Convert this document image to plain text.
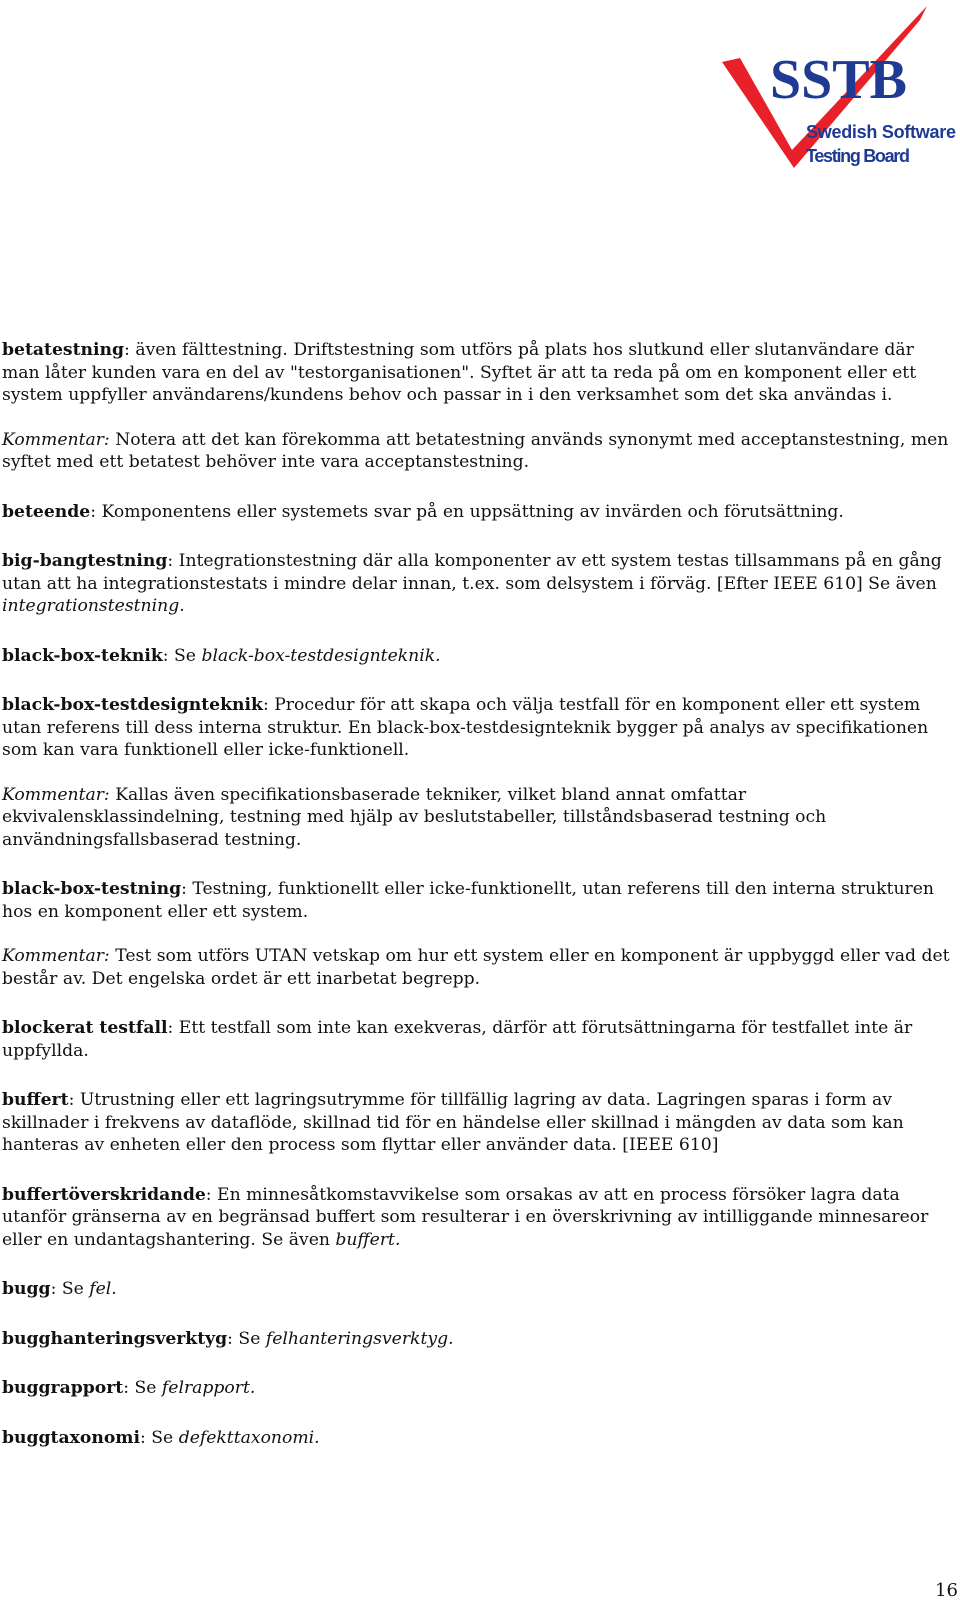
SSTB
Swedish Software
Testing Board

betatestning: även fälttestning. Driftstestning som utförs på plats hos slutkund eller slutanvändare där man låter kunden vara en del av "testorganisationen". Syftet är att ta reda på om en komponent eller ett system uppfyller användarens/kundens behov och passar in i den verksamhet som det ska användas i.

Kommentar: Notera att det kan förekomma att betatestning används synonymt med acceptanstestning, men syftet med ett betatest behöver inte vara acceptanstestning.

beteende: Komponentens eller systemets svar på en uppsättning av invärden och förutsättning.

big-bangtestning: Integrationstestning där alla komponenter av ett system testas tillsammans på en gång utan att ha integrationstestats i mindre delar innan, t.ex. som delsystem i förväg. [Efter IEEE 610] Se även integrationstestning.

black-box-teknik: Se black-box-testdesignteknik.

black-box-testdesignteknik: Procedur för att skapa och välja testfall för en komponent eller ett system utan referens till dess interna struktur. En black-box-testdesignteknik bygger på analys av specifikationen som kan vara funktionell eller icke-funktionell.

Kommentar: Kallas även specifikationsbaserade tekniker, vilket bland annat omfattar ekvivalensklassindelning, testning med hjälp av beslutstabeller, tillståndsbaserad testning och användningsfallsbaserad testning.

black-box-testning: Testning, funktionellt eller icke-funktionellt, utan referens till den interna strukturen hos en komponent eller ett system.

Kommentar: Test som utförs UTAN vetskap om hur ett system eller en komponent är uppbyggd eller vad det består av. Det engelska ordet är ett inarbetat begrepp.

blockerat testfall: Ett testfall som inte kan exekveras, därför att förutsättningarna för testfallet inte är uppfyllda.

buffert: Utrustning eller ett lagringsutrymme för tillfällig lagring av data. Lagringen sparas i form av skillnader i frekvens av dataflöde, skillnad tid för en händelse eller skillnad i mängden av data som kan hanteras av enheten eller den process som flyttar eller använder data. [IEEE 610]

buffertöverskridande: En minnesåtkomstavvikelse som orsakas av att en process försöker lagra data utanför gränserna av en begränsad buffert som resulterar i en överskrivning av intilliggande minnesareor eller en undantagshantering. Se även buffert.

bugg: Se fel.

bugghanteringsverktyg: Se felhanteringsverktyg.

buggrapport: Se felrapport.

buggtaxonomi: Se defekttaxonomi.

16
